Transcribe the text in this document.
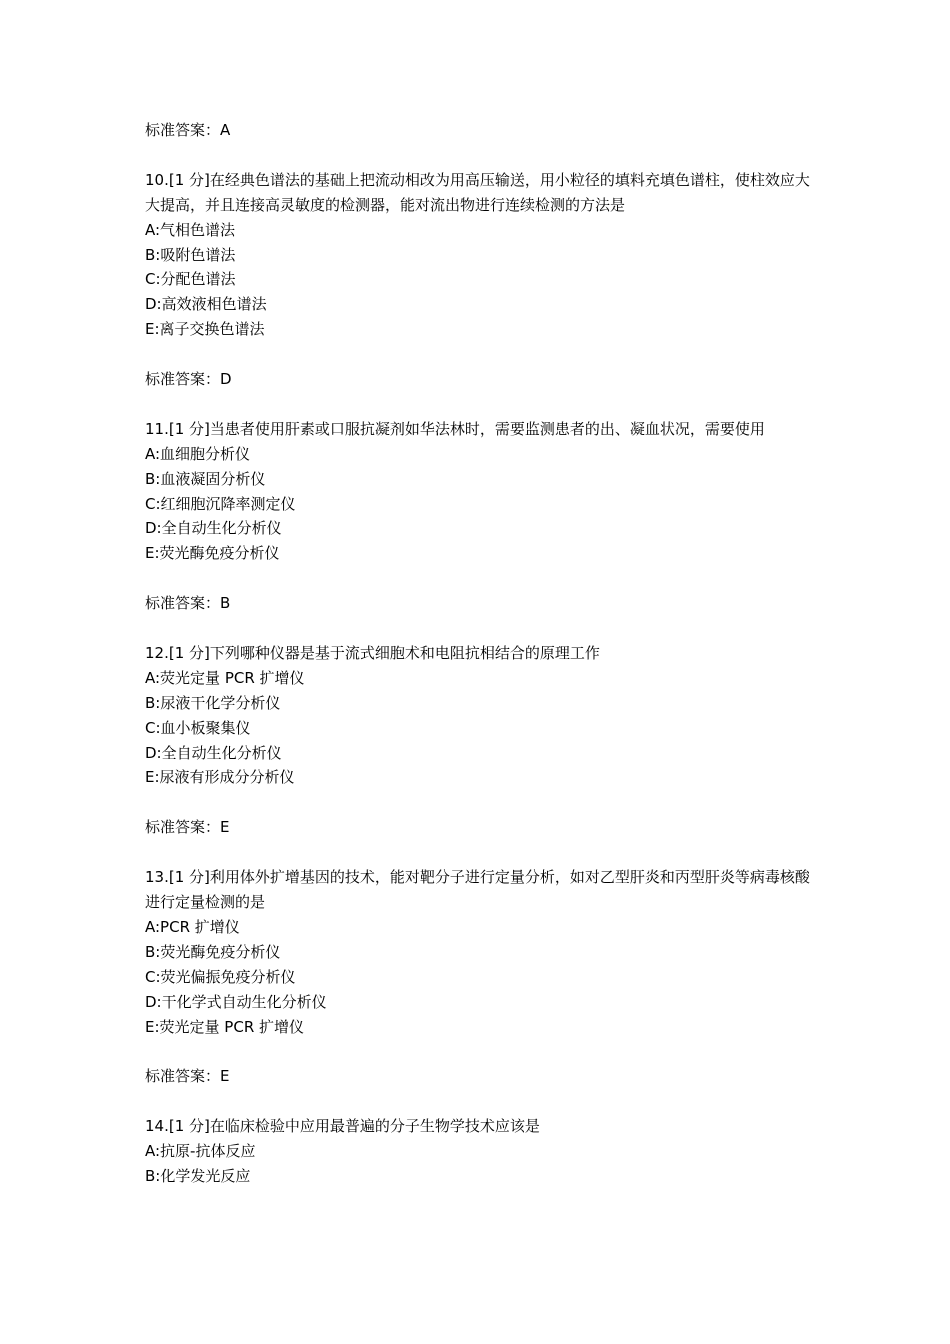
标准答案：A
10.[1 分]在经典色谱法的基础上把流动相改为用高压输送，用小粒径的填料充填色谱柱，使柱效应大大提高，并且连接高灵敏度的检测器，能对流出物进行连续检测的方法是
A:气相色谱法
B:吸附色谱法
C:分配色谱法
D:高效液相色谱法
E:离子交换色谱法
标准答案：D
11.[1 分]当患者使用肝素或口服抗凝剂如华法林时，需要监测患者的出、凝血状况，需要使用
A:血细胞分析仪
B:血液凝固分析仪
C:红细胞沉降率测定仪
D:全自动生化分析仪
E:荧光酶免疫分析仪
标准答案：B
12.[1 分]下列哪种仪器是基于流式细胞术和电阻抗相结合的原理工作
A:荧光定量 PCR 扩增仪
B:尿液干化学分析仪
C:血小板聚集仪
D:全自动生化分析仪
E:尿液有形成分分析仪
标准答案：E
13.[1 分]利用体外扩增基因的技术，能对靶分子进行定量分析，如对乙型肝炎和丙型肝炎等病毒核酸进行定量检测的是
A:PCR 扩增仪
B:荧光酶免疫分析仪
C:荧光偏振免疫分析仪
D:干化学式自动生化分析仪
E:荧光定量 PCR 扩增仪
标准答案：E
14.[1 分]在临床检验中应用最普遍的分子生物学技术应该是
A:抗原-抗体反应
B:化学发光反应
